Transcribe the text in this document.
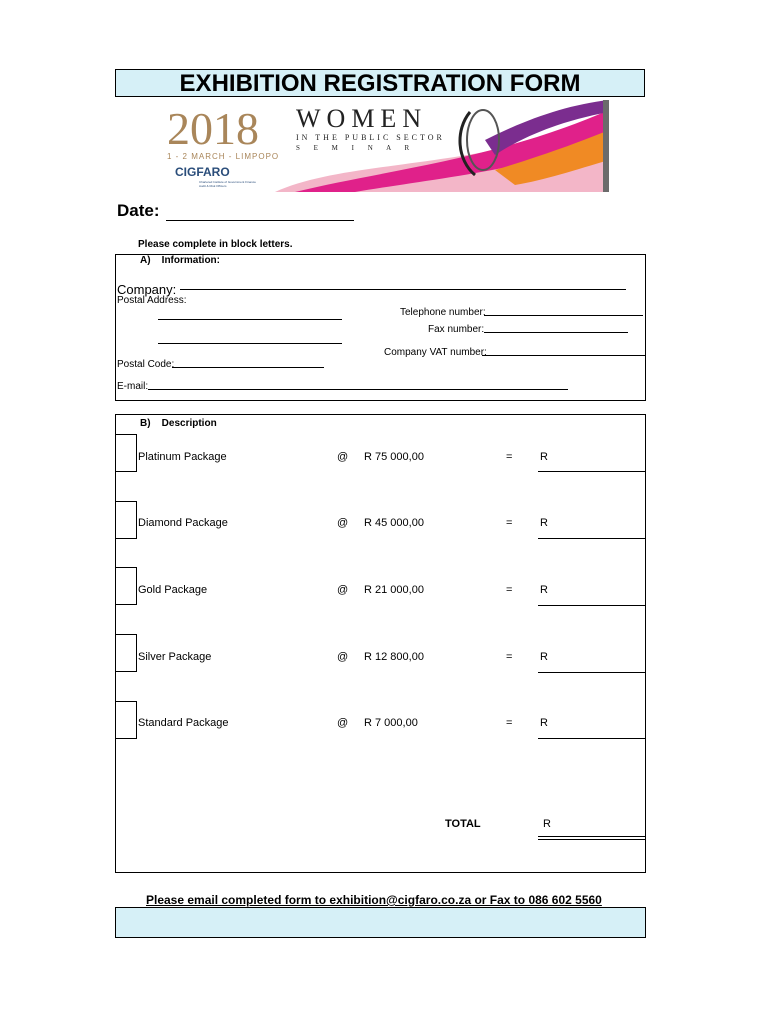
EXHIBITION REGISTRATION FORM
2018 WOMEN
IN THE PUBLIC SECTOR
S E M I N A R
1 - 2 MARCH - LIMPOPO
CIGFARO
Chartered Institute of Government Finance Audit & Risk Officers
Date:
Please complete in block letters.
A)    Information:
Company:
Postal Address:
Telephone number:
Fax number:
Company VAT number:
Postal Code:
E-mail:
B)    Description
Platinum Package	@ R 75 000,00	=	R
Diamond Package	@ R 45 000,00	=	R
Gold Package	@ R 21 000,00	=	R
Silver Package	@ R 12 800,00	=	R
Standard Package	@ R 7 000,00	=	R
TOTAL	R
Please email completed form to exhibition@cigfaro.co.za or Fax to 086 602 5560
